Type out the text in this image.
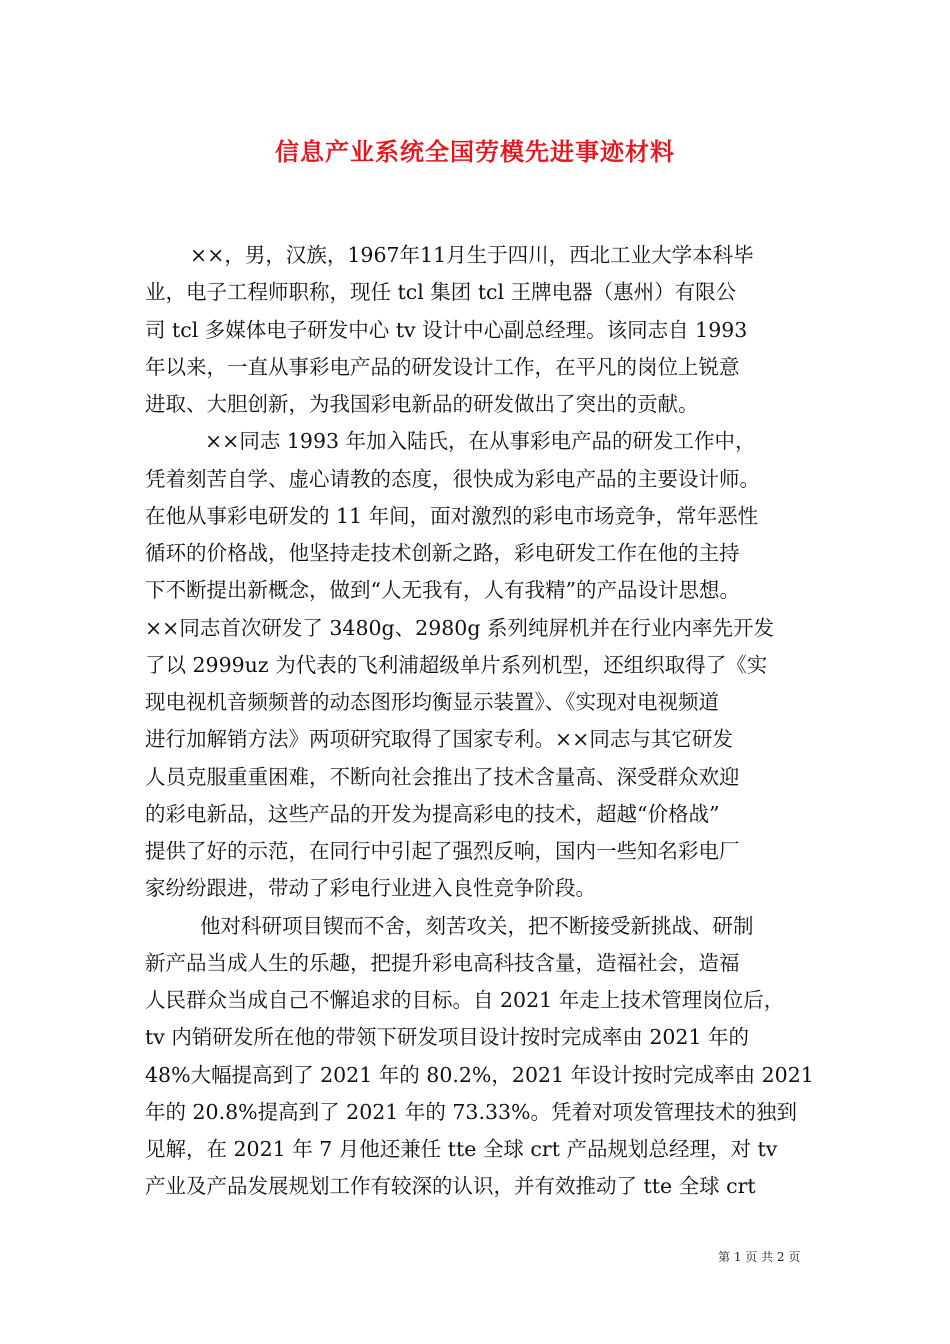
信息产业系统全国劳模先进事迹材料
××，男，汉族，1967年11月生于四川，西北工业大学本科毕
业，电子工程师职称，现任 tcl 集团 tcl 王牌电器（惠州）有限公
司 tcl 多媒体电子研发中心 tv 设计中心副总经理。该同志自 1993
年以来，一直从事彩电产品的研发设计工作，在平凡的岗位上锐意
进取、大胆创新，为我国彩电新品的研发做出了突出的贡献。
××同志 1993 年加入陆氏，在从事彩电产品的研发工作中，
凭着刻苦自学、虚心请教的态度，很快成为彩电产品的主要设计师。
在他从事彩电研发的 11 年间，面对激烈的彩电市场竞争，常年恶性
循环的价格战，他坚持走技术创新之路，彩电研发工作在他的主持
下不断提出新概念，做到“人无我有，人有我精”的产品设计思想。
××同志首次研发了 3480g、2980g 系列纯屏机并在行业内率先开发
了以 2999uz 为代表的飞利浦超级单片系列机型，还组织取得了《实
现电视机音频频普的动态图形均衡显示装置》、《实现对电视频道
进行加解销方法》两项研究取得了国家专利。××同志与其它研发
人员克服重重困难，不断向社会推出了技术含量高、深受群众欢迎
的彩电新品，这些产品的开发为提高彩电的技术，超越“价格战”
提供了好的示范，在同行中引起了强烈反响，国内一些知名彩电厂
家纷纷跟进，带动了彩电行业进入良性竞争阶段。
他对科研项目锲而不舍，刻苦攻关，把不断接受新挑战、研制
新产品当成人生的乐趣，把提升彩电高科技含量，造福社会，造福
人民群众当成自己不懈追求的目标。自 2021 年走上技术管理岗位后，
tv 内销研发所在他的带领下研发项目设计按时完成率由 2021 年的
48%大幅提高到了 2021 年的 80.2%，2021 年设计按时完成率由 2021
年的 20.8%提高到了 2021 年的 73.33%。凭着对项发管理技术的独到
见解，在 2021 年 7 月他还兼任 tte 全球 crt 产品规划总经理，对 tv
产业及产品发展规划工作有较深的认识，并有效推动了 tte 全球 crt
第 1 页 共 2 页
